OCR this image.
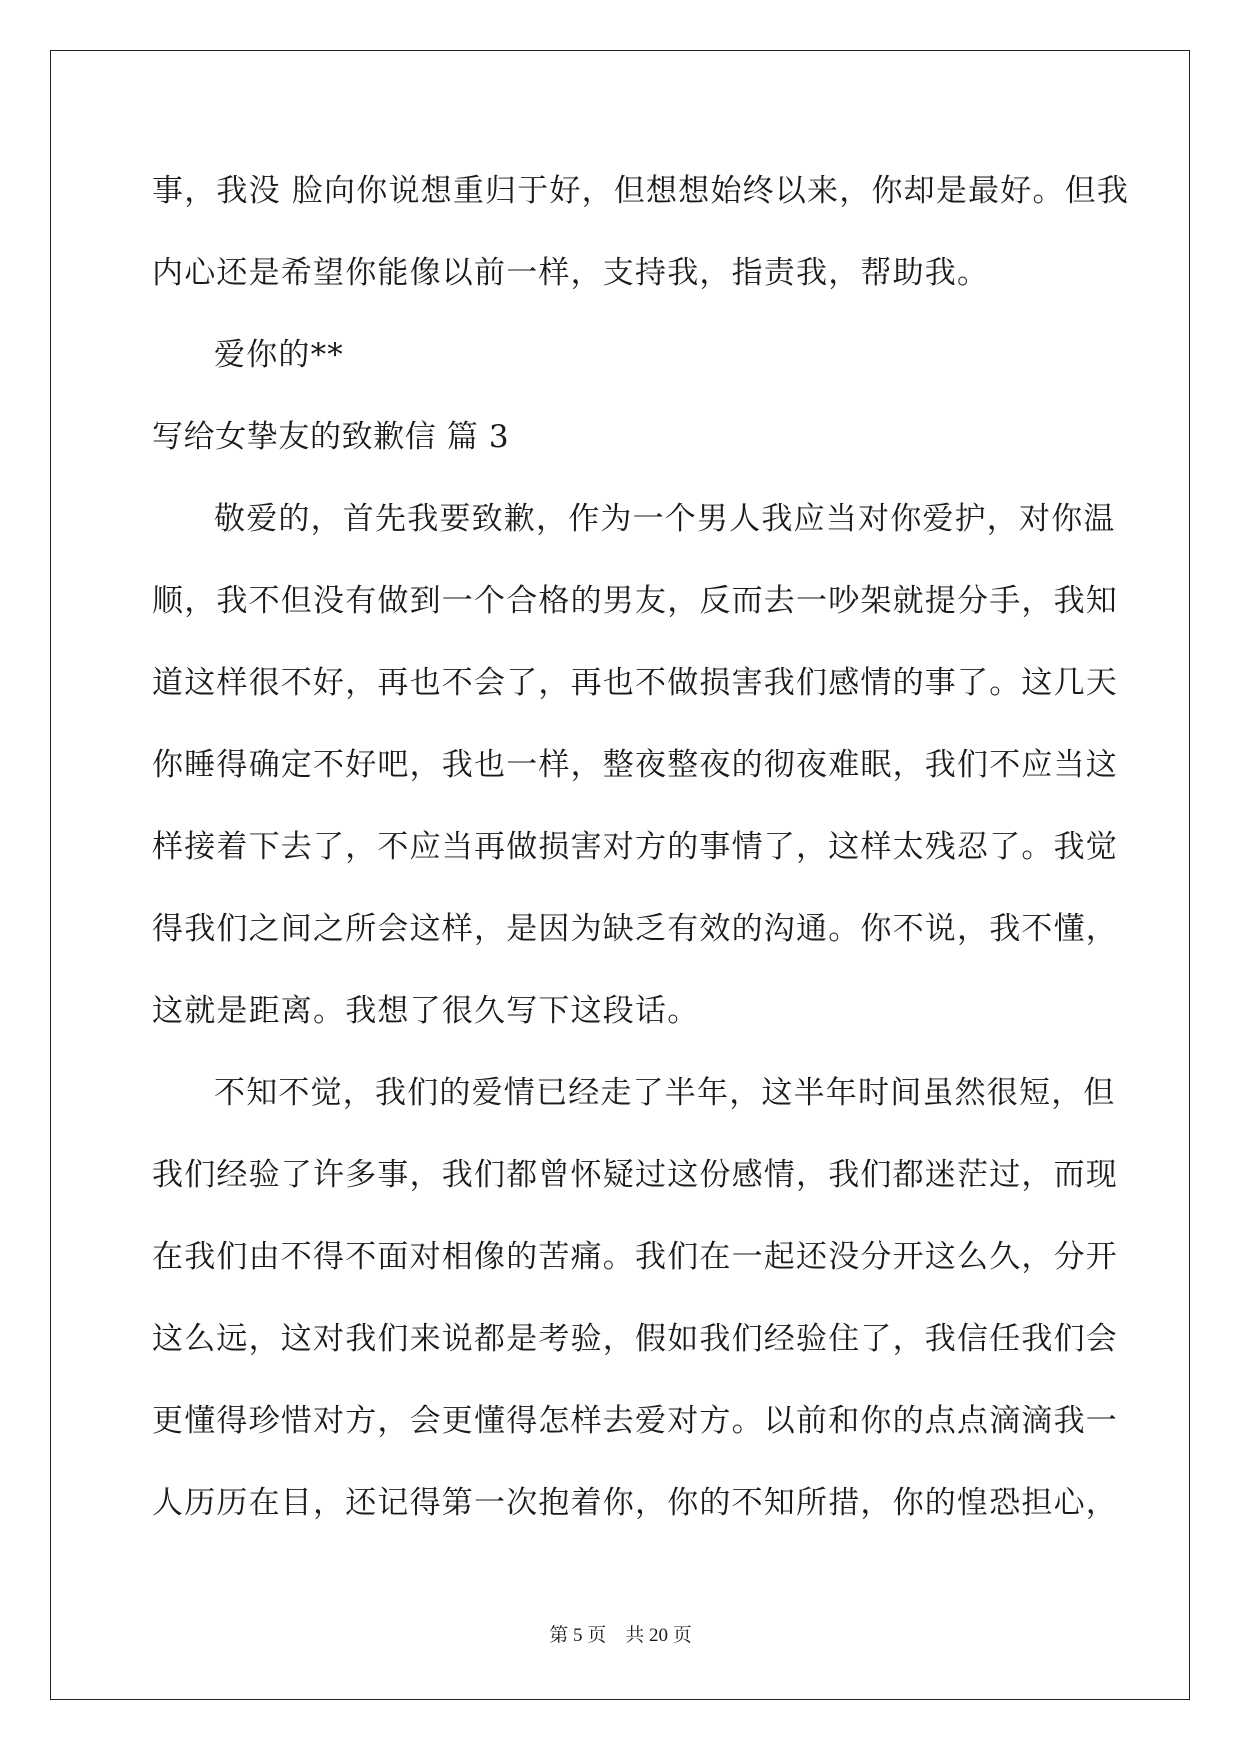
事，我没 脸向你说想重归于好，但想想始终以来，你却是最好。但我
内心还是希望你能像以前一样，支持我，指责我，帮助我。
爱你的**
写给女挚友的致歉信 篇 3
敬爱的，首先我要致歉，作为一个男人我应当对你爱护，对你温
顺，我不但没有做到一个合格的男友，反而去一吵架就提分手，我知
道这样很不好，再也不会了，再也不做损害我们感情的事了。这几天
你睡得确定不好吧，我也一样，整夜整夜的彻夜难眠，我们不应当这
样接着下去了，不应当再做损害对方的事情了，这样太残忍了。我觉
得我们之间之所会这样，是因为缺乏有效的沟通。你不说，我不懂，
这就是距离。我想了很久写下这段话。
不知不觉，我们的爱情已经走了半年，这半年时间虽然很短，但
我们经验了许多事，我们都曾怀疑过这份感情，我们都迷茫过，而现
在我们由不得不面对相像的苦痛。我们在一起还没分开这么久，分开
这么远，这对我们来说都是考验，假如我们经验住了，我信任我们会
更懂得珍惜对方，会更懂得怎样去爱对方。以前和你的点点滴滴我一
人历历在目，还记得第一次抱着你，你的不知所措，你的惶恐担心，
第 5 页 共 20 页
